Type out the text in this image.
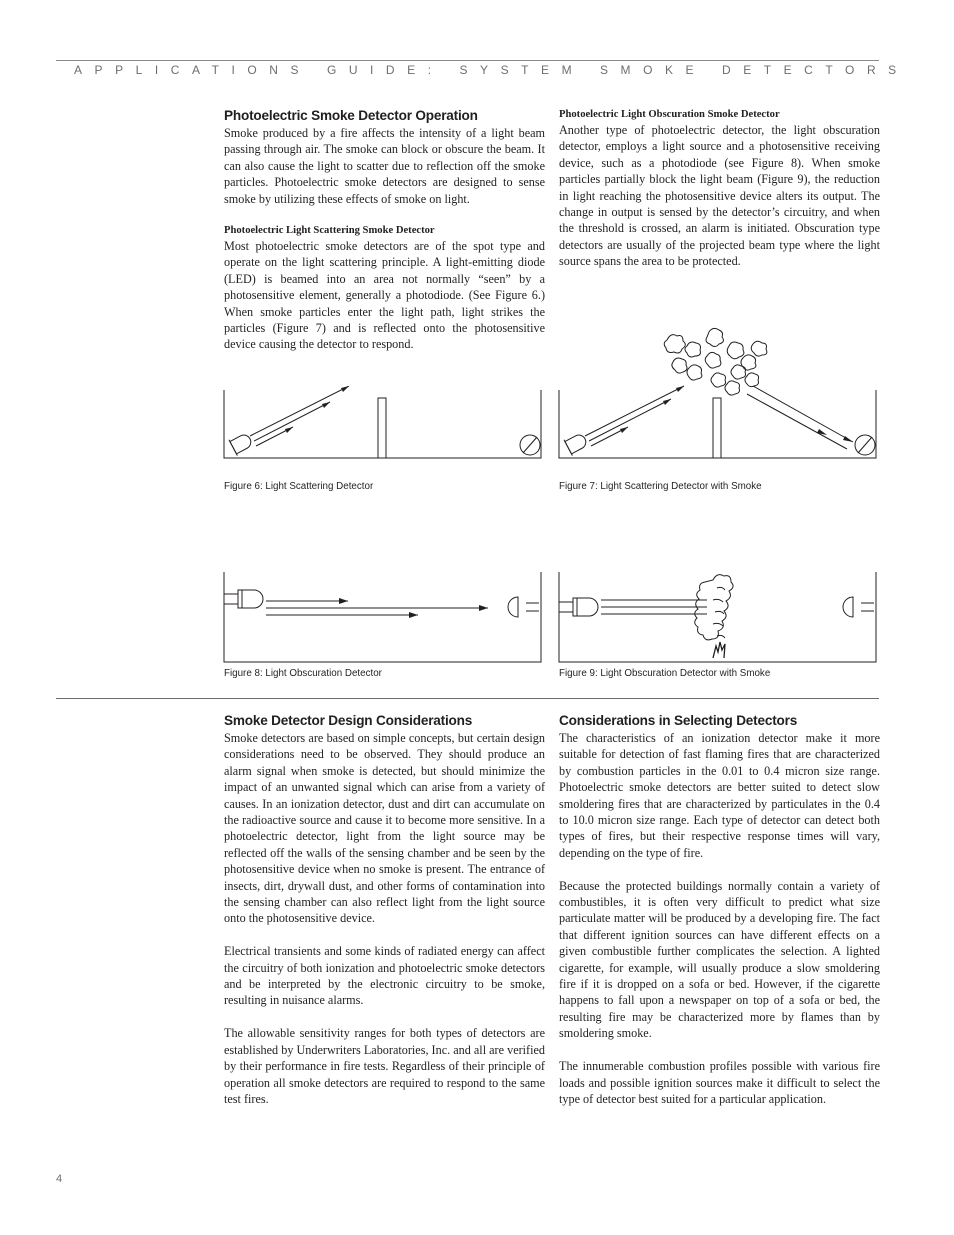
APPLICATIONS GUIDE: SYSTEM SMOKE DETECTORS
Photoelectric Smoke Detector Operation

Smoke produced by a fire affects the intensity of a light beam passing through air. The smoke can block or obscure the beam. It can also cause the light to scatter due to reflection off the smoke particles. Photoelectric smoke detectors are designed to sense smoke by utilizing these effects of smoke on light.

Photoelectric Light Scattering Smoke Detector

Most photoelectric smoke detectors are of the spot type and operate on the light scattering principle. A light-emitting diode (LED) is beamed into an area not normally “seen” by a photosensitive element, generally a photodiode. (See Figure 6.) When smoke particles enter the light path, light strikes the particles (Figure 7) and is reflected onto the photosensitive device causing the detector to respond.

Photoelectric Light Obscuration Smoke Detector

Another type of photoelectric detector, the light obscuration detector, employs a light source and a photosensitive receiving device, such as a photodiode (see Figure 8). When smoke particles partially block the light beam (Figure 9), the reduction in light reaching the photosensitive device alters its output. The change in output is sensed by the detector’s circuitry, and when the threshold is crossed, an alarm is initiated. Obscuration type detectors are usually of the projected beam type where the light source spans the area to be protected.

Figure 6: Light Scattering Detector	Figure 7: Light Scattering Detector with Smoke
Figure 8: Light Obscuration Detector	Figure 9: Light Obscuration Detector with Smoke
Smoke Detector Design Considerations

Smoke detectors are based on simple concepts, but certain design considerations need to be observed. They should produce an alarm signal when smoke is detected, but should minimize the impact of an unwanted signal which can arise from a variety of causes. In an ionization detector, dust and dirt can accumulate on the radioactive source and cause it to become more sensitive. In a photoelectric detector, light from the light source may be reflected off the walls of the sensing chamber and be seen by the photosensitive device when no smoke is present. The entrance of insects, dirt, drywall dust, and other forms of contamination into the sensing chamber can also reflect light from the light source onto the photosensitive device.

Electrical transients and some kinds of radiated energy can affect the circuitry of both ionization and photoelectric smoke detectors and be interpreted by the electronic circuitry to be smoke, resulting in nuisance alarms.

The allowable sensitivity ranges for both types of detectors are established by Underwriters Laboratories, Inc. and all are verified by their performance in fire tests. Regardless of their principle of operation all smoke detectors are required to respond to the same test fires.

Considerations in Selecting Detectors

The characteristics of an ionization detector make it more suitable for detection of fast flaming fires that are characterized by combustion particles in the 0.01 to 0.4 micron size range. Photoelectric smoke detectors are better suited to detect slow smoldering fires that are characterized by particulates in the 0.4 to 10.0 micron size range. Each type of detector can detect both types of fires, but their respective response times will vary, depending on the type of fire.

Because the protected buildings normally contain a variety of combustibles, it is often very difficult to predict what size particulate matter will be produced by a developing fire. The fact that different ignition sources can have different effects on a given combustible further complicates the selection. A lighted cigarette, for example, will usually produce a slow smoldering fire if it is dropped on a sofa or bed. However, if the cigarette happens to fall upon a newspaper on top of a sofa or bed, the resulting fire may be characterized more by flames than by smoldering smoke.

The innumerable combustion profiles possible with various fire loads and possible ignition sources make it difficult to select the type of detector best suited for a particular application.

4
